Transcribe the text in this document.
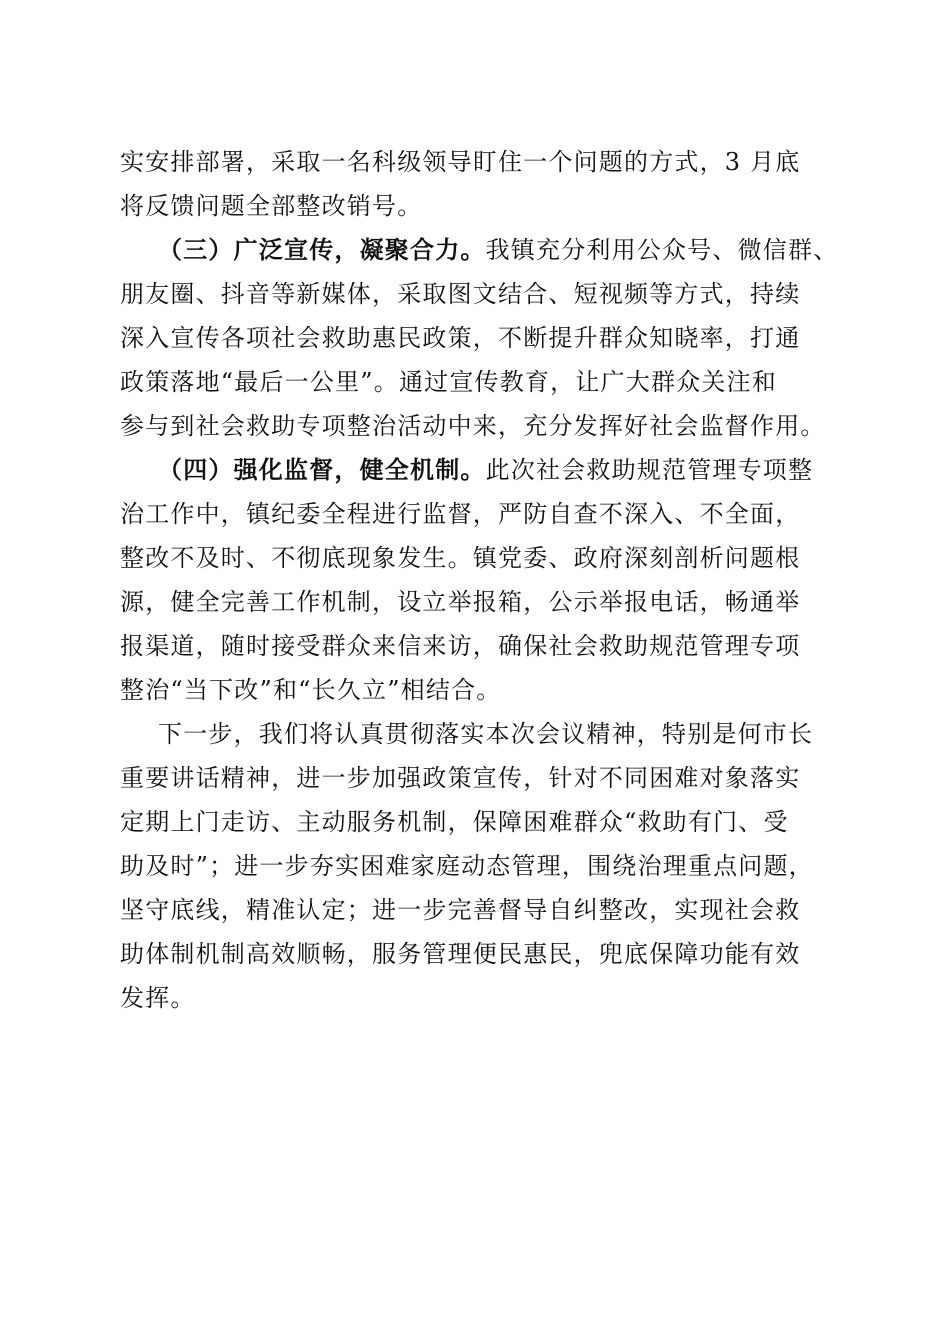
实安排部署，采取一名科级领导盯住一个问题的方式，3 月底
将反馈问题全部整改销号。
（三）广泛宣传，凝聚合力。我镇充分利用公众号、微信群、
朋友圈、抖音等新媒体，采取图文结合、短视频等方式，持续
深入宣传各项社会救助惠民政策，不断提升群众知晓率，打通
政策落地“最后一公里”。通过宣传教育，让广大群众关注和
参与到社会救助专项整治活动中来，充分发挥好社会监督作用。
（四）强化监督，健全机制。此次社会救助规范管理专项整
治工作中，镇纪委全程进行监督，严防自查不深入、不全面，
整改不及时、不彻底现象发生。镇党委、政府深刻剖析问题根
源，健全完善工作机制，设立举报箱，公示举报电话，畅通举
报渠道，随时接受群众来信来访，确保社会救助规范管理专项
整治“当下改”和“长久立”相结合。
下一步，我们将认真贯彻落实本次会议精神，特别是何市长
重要讲话精神，进一步加强政策宣传，针对不同困难对象落实
定期上门走访、主动服务机制，保障困难群众“救助有门、受
助及时”；进一步夯实困难家庭动态管理，围绕治理重点问题，
坚守底线，精准认定；进一步完善督导自纠整改，实现社会救
助体制机制高效顺畅，服务管理便民惠民，兜底保障功能有效
发挥。
